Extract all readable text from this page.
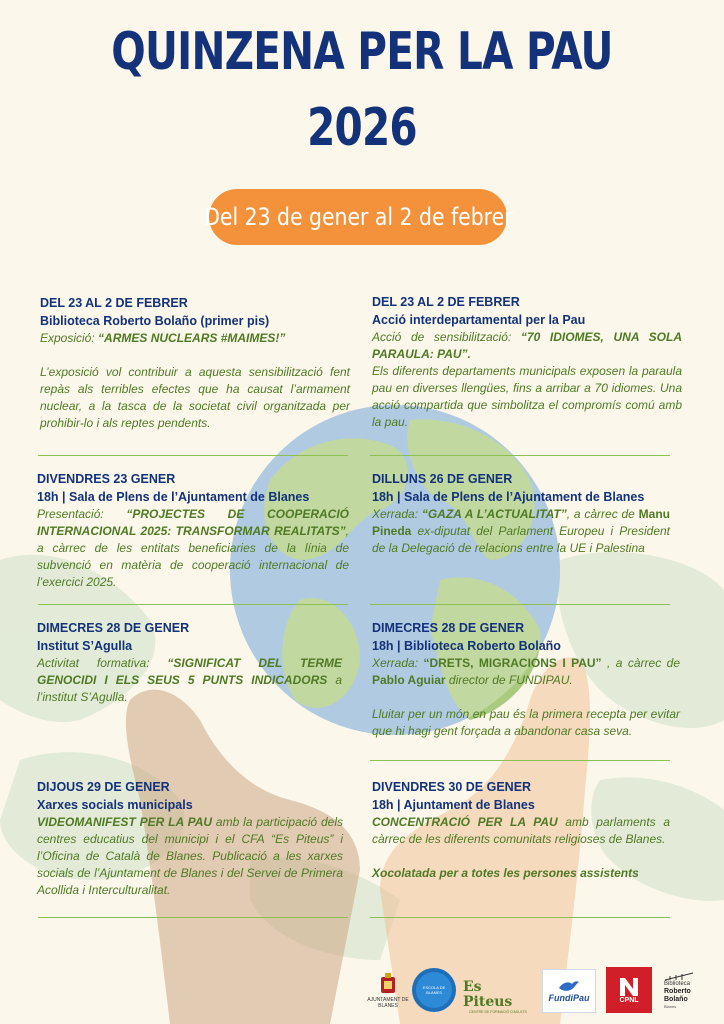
QUINZENA PER LA PAU
2026
Del 23 de gener al 2 de febrer
DEL 23 AL 2 DE FEBRER
Biblioteca Roberto Bolaño (primer pis)
Exposició: “ARMES NUCLEARS #MAIMES!”
L’exposició vol contribuir a aquesta sensibilització fent repàs als terribles efectes que ha causat l’armament nuclear, a la tasca de la societat civil organitzada per prohibir-lo i als reptes pendents.
DEL 23 AL 2 DE FEBRER
Acció interdepartamental per la Pau
Acció de sensibilització: “70 IDIOMES, UNA SOLA PARAULA: PAU”.
Els diferents departaments municipals exposen la paraula pau en diverses llengües, fins a arribar a 70 idiomes. Una acció compartida que simbolitza el compromís comú amb la pau.
DIVENDRES 23 GENER
18h | Sala de Plens de l’Ajuntament de Blanes
Presentació: “PROJECTES DE COOPERACIÓ INTERNACIONAL 2025: TRANSFORMAR REALITATS”, a càrrec de les entitats beneficiaries de la línia de subvenció en matèria de cooperació internacional de l’exercici 2025.
DILLUNS 26 DE GENER
18h | Sala de Plens de l’Ajuntament de Blanes
Xerrada: “GAZA A L’ACTUALITAT”, a càrrec de Manu Pineda ex-diputat del Parlament Europeu i President de la Delegació de relacions entre la UE i Palestina
DIMECRES 28 DE GENER
Institut S’Agulla
Activitat formativa: “SIGNIFICAT DEL TERME GENOCIDI I ELS SEUS 5 PUNTS INDICADORS a l’institut S’Agulla.
DIMECRES 28 DE GENER
18h | Biblioteca Roberto Bolaño
Xerrada: “DRETS, MIGRACIONS I PAU” , a càrrec de Pablo Aguiar director de FUNDIPAU.
Lluitar per un món en pau és la primera recepta per evitar que hi hagi gent forçada a abandonar casa seva.
DIJOUS 29 DE GENER
Xarxes socials municipals
VIDEOMANIFEST PER LA PAU amb la participació dels centres educatius del municipi i el CFA “Es Piteus” i l’Oficina de Català de Blanes. Publicació a les xarxes socials de l’Ajuntament de Blanes i del Servei de Primera Acollida i Interculturalitat.
DIVENDRES 30 DE GENER
18h | Ajuntament de Blanes
CONCENTRACIÓ PER LA PAU amb parlaments a càrrec de les diferents comunitats religioses de Blanes.
Xocolatada per a totes les persones assistents
AJUNTAMENT DE BLANES
ESCOLA DE BLANES	Es Piteus
CENTRE DE FORMACIÓ D'ADULTS
FundiPau	CPNL
Biblioteca
Roberto
Bolaño
Blanes
